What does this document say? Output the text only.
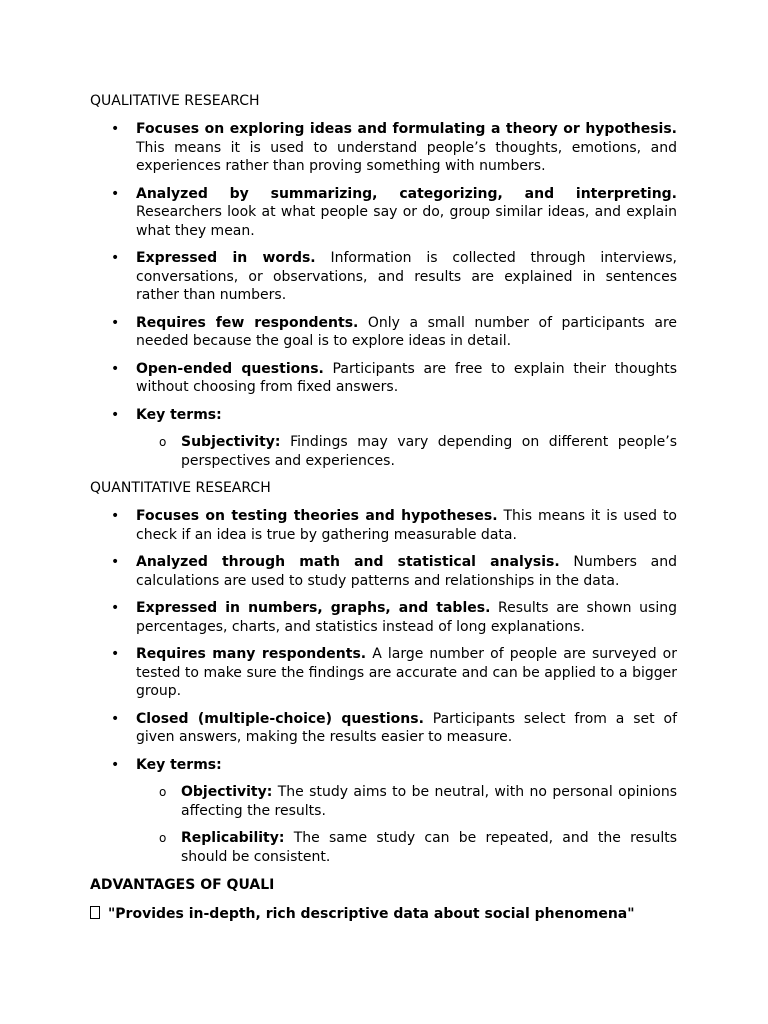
QUALITATIVE RESEARCH
• Focuses on exploring ideas and formulating a theory or hypothesis. This means it is used to understand people’s thoughts, emotions, and experiences rather than proving something with numbers.
• Analyzed by summarizing, categorizing, and interpreting. Researchers look at what people say or do, group similar ideas, and explain what they mean.
• Expressed in words. Information is collected through interviews, conversations, or observations, and results are explained in sentences rather than numbers.
• Requires few respondents. Only a small number of participants are needed because the goal is to explore ideas in detail.
• Open-ended questions. Participants are free to explain their thoughts without choosing from fixed answers.
• Key terms:
o Subjectivity: Findings may vary depending on different people’s perspectives and experiences.
QUANTITATIVE RESEARCH
• Focuses on testing theories and hypotheses. This means it is used to check if an idea is true by gathering measurable data.
• Analyzed through math and statistical analysis. Numbers and calculations are used to study patterns and relationships in the data.
• Expressed in numbers, graphs, and tables. Results are shown using percentages, charts, and statistics instead of long explanations.
• Requires many respondents. A large number of people are surveyed or tested to make sure the findings are accurate and can be applied to a bigger group.
• Closed (multiple-choice) questions. Participants select from a set of given answers, making the results easier to measure.
• Key terms:
o Objectivity: The study aims to be neutral, with no personal opinions affecting the results.
o Replicability: The same study can be repeated, and the results should be consistent.
ADVANTAGES OF QUALI
"Provides in-depth, rich descriptive data about social phenomena"
